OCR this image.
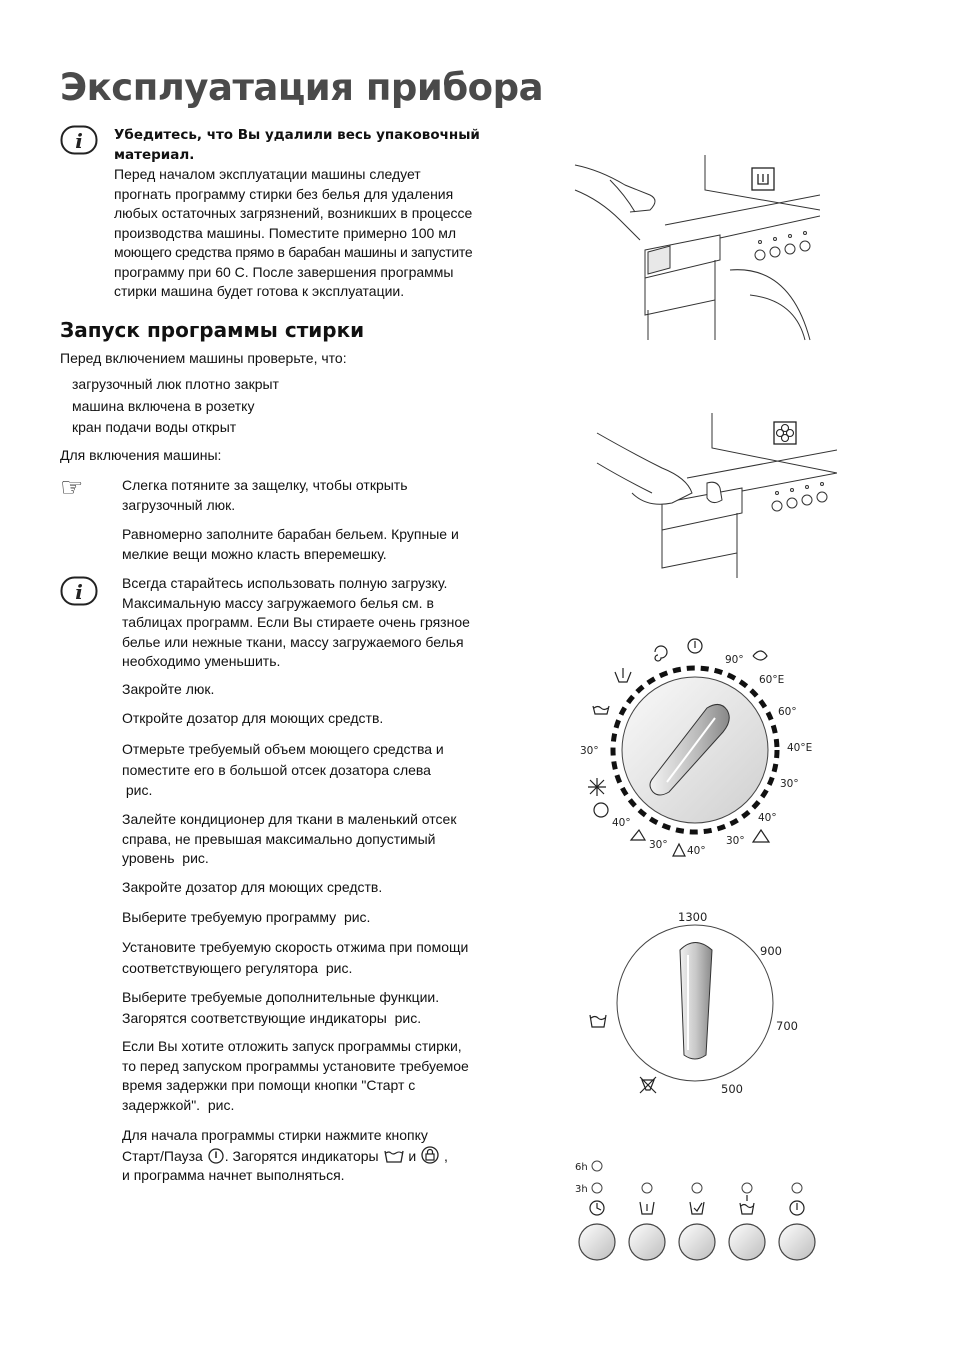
Эксплуатация прибора
i Убедитесь, что Вы удалили весь упаковочный
материал.
Перед началом эксплуатации машины следует
прогнать программу стирки без белья для удаления
любых остаточных загрязнений, возникших в процессе
производства машины. Поместите примерно 100 мл
моющего средства прямо в барабан машины и запустите
программу при 60 С. После завершения программы
стирки машина будет готова к эксплуатации.
Запуск программы стирки
Перед включением машины проверьте, что:
загрузочный люк плотно закрыт
машина включена в розетку
кран подачи воды открыт
Для включения машины:
☞	Слегка потяните за защелку, чтобы открыть
загрузочный люк.
Равномерно заполните барабан бельем. Крупные и
мелкие вещи можно класть вперемешку.
i	Всегда старайтесь использовать полную загрузку.
Максимальную массу загружаемого белья см. в
таблицах программ. Если Вы стираете очень грязное
белье или нежные ткани, массу загружаемого белья
необходимо уменьшить.
Закройте люк.
Откройте дозатор для моющих средств.
Отмерьте требуемый объем моющего средства и
поместите его в большой отсек дозатора слева
рис.
Залейте кондиционер для ткани в маленький отсек
справа, не превышая максимально допустимый
уровень  рис.
Закройте дозатор для моющих средств.
Выберите требуемую программу  рис.
Установите требуемую скорость отжима при помощи
соответствующего регулятора  рис.
Выберите требуемые дополнительные функции.
Загорятся соответствующие индикаторы  рис.
Если Вы хотите отложить запуск программы стирки,
то перед запуском программы установите требуемое
время задержки при помощи кнопки "Старт с
задержкой".  рис.
Для начала программы стирки нажмите кнопку
Старт/Пауза . Загорятся индикаторы и ,
и программа начнет выполняться.
90°
60°E
60°
40°E
30°
40°
30°
40°
30°
40°
30°
1300
900
700
500
6h
3h
